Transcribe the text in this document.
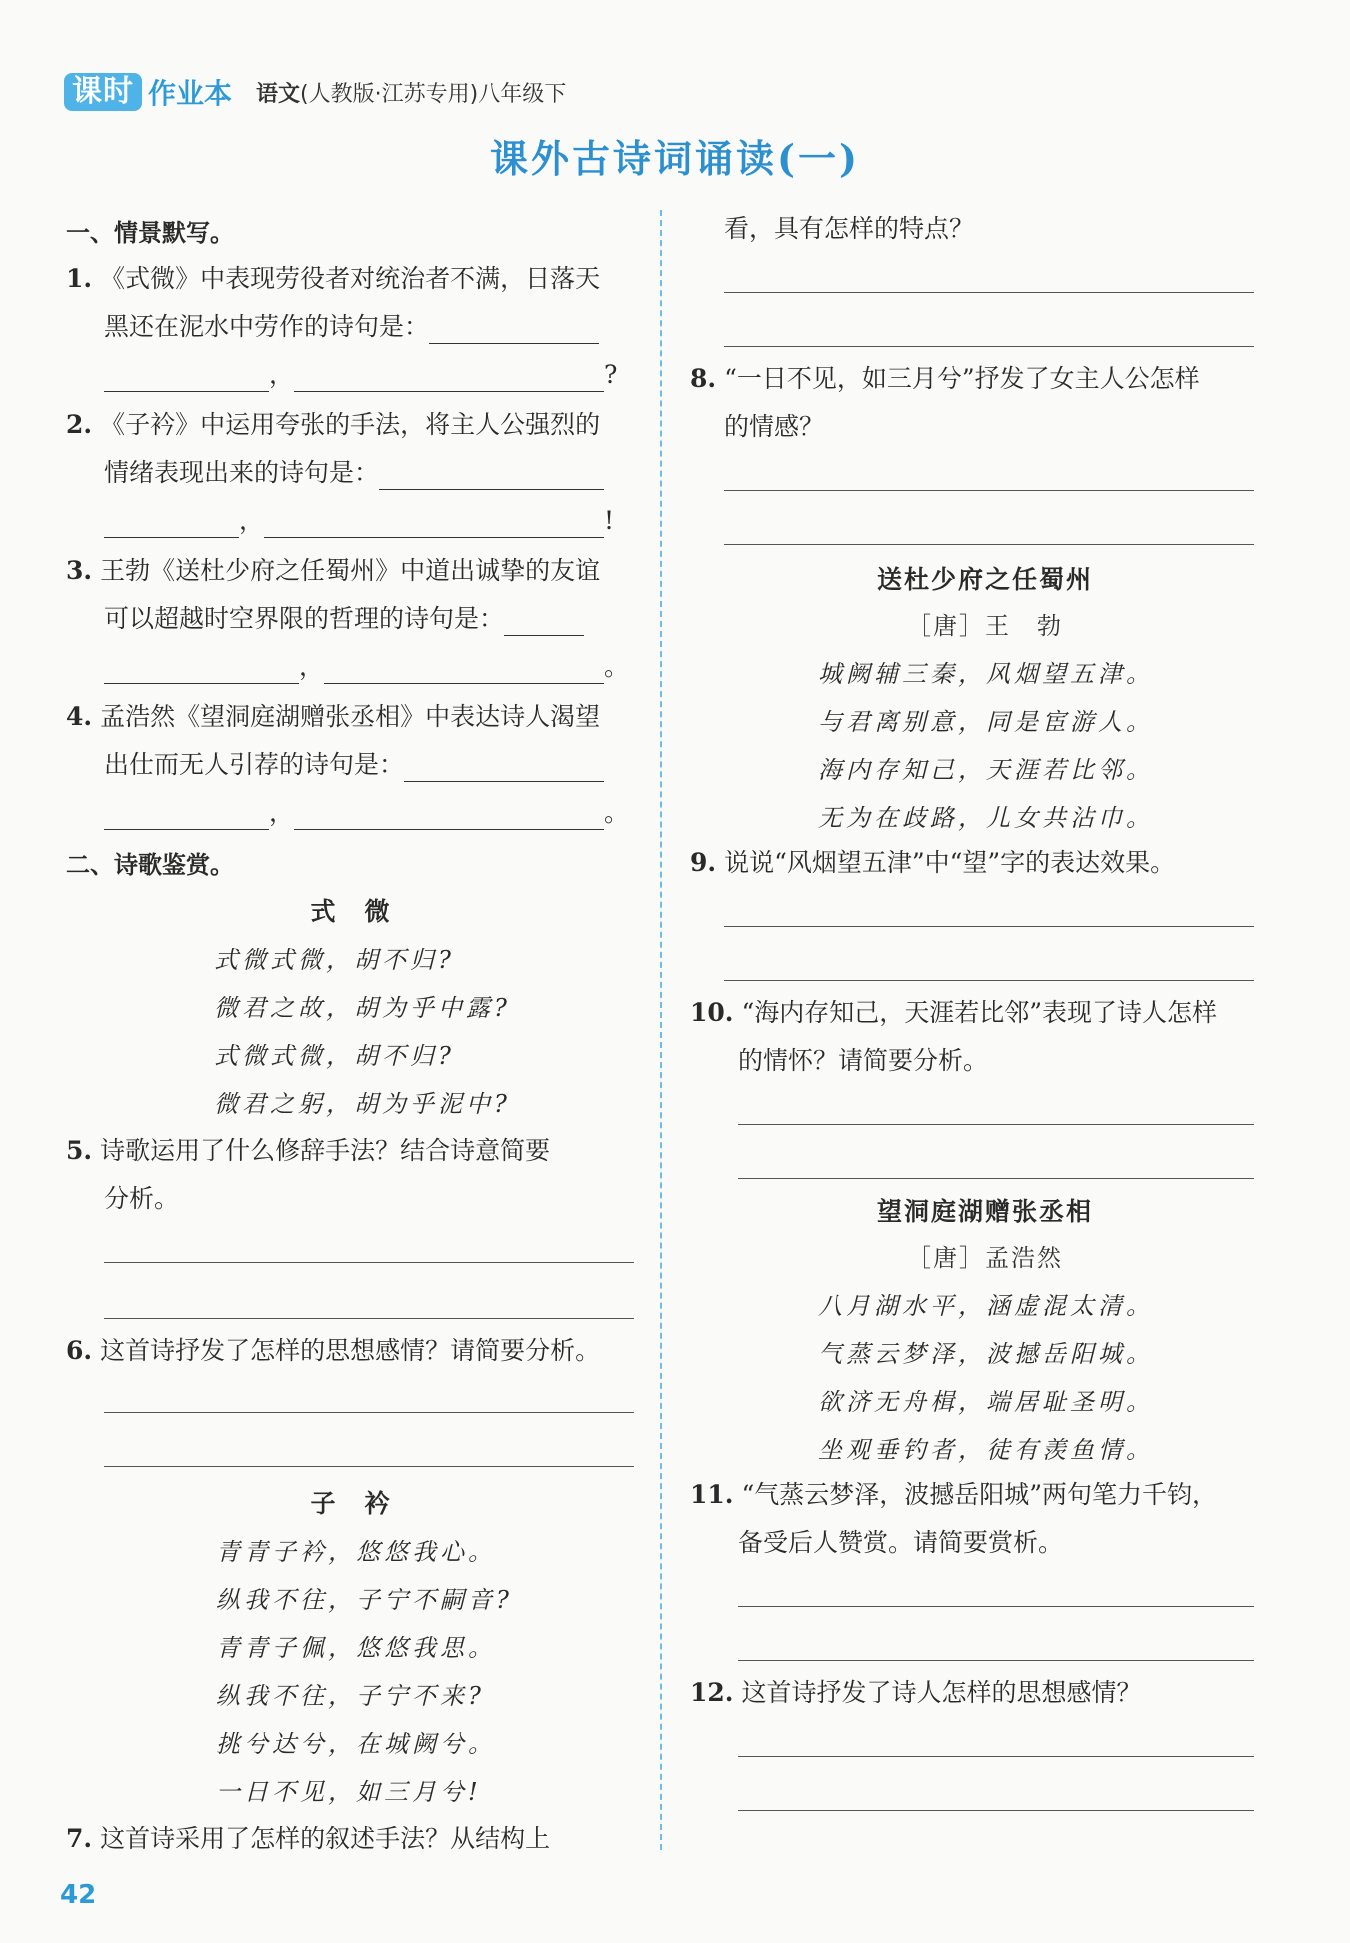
课时 作业本 语文(人教版·江苏专用)八年级下
课外古诗词诵读(一)
一、情景默写。
1. 《式微》中表现劳役者对统治者不满，日落天
黑还在泥水中劳作的诗句是：
，	?
2. 《子衿》中运用夸张的手法，将主人公强烈的
情绪表现出来的诗句是：
，	!
3. 王勃《送杜少府之任蜀州》中道出诚挚的友谊
可以超越时空界限的哲理的诗句是：
，	。
4. 孟浩然《望洞庭湖赠张丞相》中表达诗人渴望
出仕而无人引荐的诗句是：
，	。
二、诗歌鉴赏。
式　微
式微式微，胡不归?
微君之故，胡为乎中露?
式微式微，胡不归?
微君之躬，胡为乎泥中?
5. 诗歌运用了什么修辞手法？结合诗意简要
分析。
6. 这首诗抒发了怎样的思想感情？请简要分析。
子　衿
青青子衿，悠悠我心。
纵我不往，子宁不嗣音?
青青子佩，悠悠我思。
纵我不往，子宁不来?
挑兮达兮，在城阙兮。
一日不见，如三月兮!
7. 这首诗采用了怎样的叙述手法？从结构上
看，具有怎样的特点？
8. “一日不见，如三月兮”抒发了女主人公怎样
的情感？
送杜少府之任蜀州
［唐］王　勃
城阙辅三秦，风烟望五津。
与君离别意，同是宦游人。
海内存知己，天涯若比邻。
无为在歧路，儿女共沾巾。
9. 说说“风烟望五津”中“望”字的表达效果。
10. “海内存知己，天涯若比邻”表现了诗人怎样
的情怀？请简要分析。
望洞庭湖赠张丞相
［唐］孟浩然
八月湖水平，涵虚混太清。
气蒸云梦泽，波撼岳阳城。
欲济无舟楫，端居耻圣明。
坐观垂钓者，徒有羡鱼情。
11. “气蒸云梦泽，波撼岳阳城”两句笔力千钧，
备受后人赞赏。请简要赏析。
12. 这首诗抒发了诗人怎样的思想感情？
42
